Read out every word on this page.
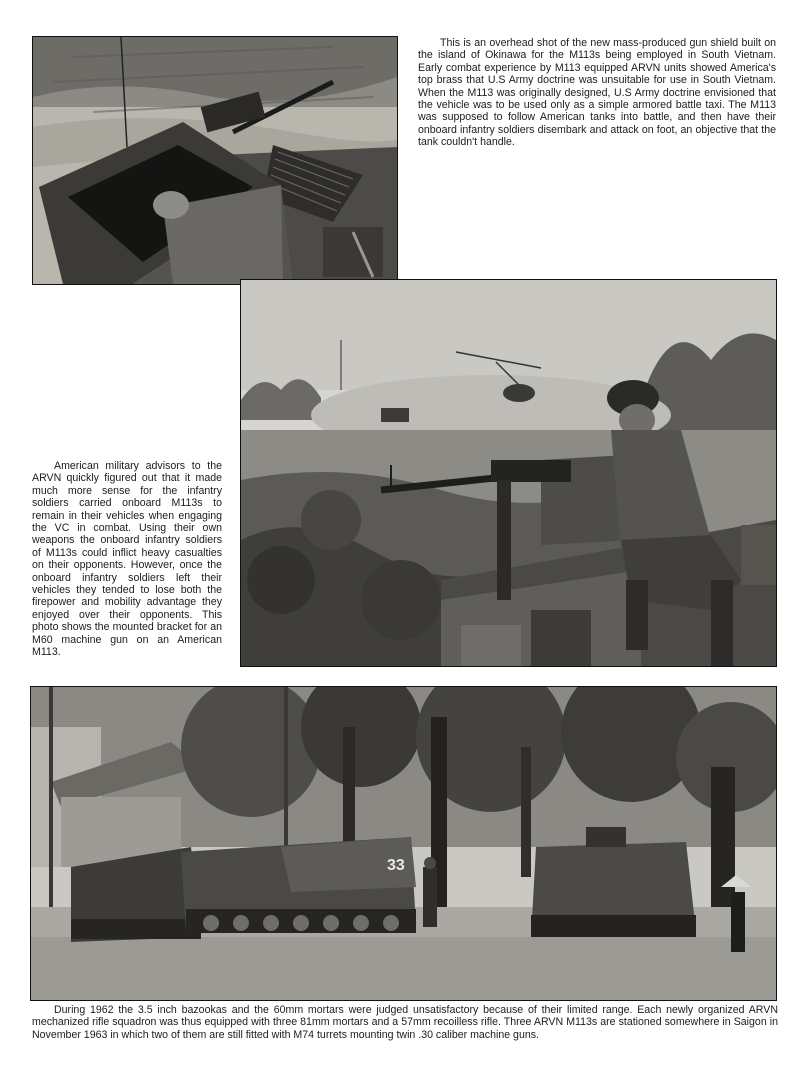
This is an overhead shot of the new mass-produced gun shield built on the island of Okinawa for the M113s being employed in South Vietnam. Early combat experience by M113 equipped ARVN units showed America's top brass that U.S Army doctrine was unsuitable for use in South Vietnam. When the M113 was originally designed, U.S Army doctrine envisioned that the vehicle was to be used only as a simple armored battle taxi. The M113 was supposed to follow American tanks into battle, and then have their onboard infantry soldiers disembark and attack on foot, an objective that the tank couldn't handle.

American military advisors to the ARVN quickly figured out that it made much more sense for the infantry soldiers carried onboard M113s to remain in their vehicles when engaging the VC in combat. Using their own weapons the onboard infantry soldiers of M113s could inflict heavy casualties on their opponents. However, once the onboard infantry soldiers left their vehicles they tended to lose both the firepower and mobility advantage they enjoyed over their opponents. This photo shows the mounted bracket for an M60 machine gun on an American M113.

33

During 1962 the 3.5 inch bazookas and the 60mm mortars were judged unsatisfactory because of their limited range. Each newly organized ARVN mechanized rifle squadron was thus equipped with three 81mm mortars and a 57mm recoilless rifle. Three ARVN M113s are stationed somewhere in Saigon in November 1963 in which two of them are still fitted with M74 turrets mounting twin .30 caliber machine guns.
